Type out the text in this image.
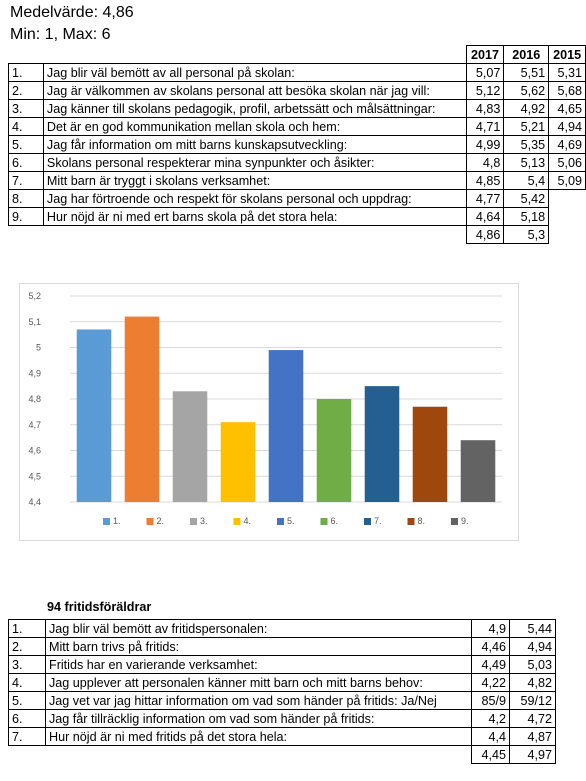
Medelvärde: 4,86
Min: 1, Max: 6
		2017	2016	2015
1.	Jag blir väl bemött av all personal på skolan:	5,07	5,51	5,31
2.	Jag är välkommen av skolans personal att besöka skolan när jag vill:	5,12	5,62	5,68
3.	Jag känner till skolans pedagogik, profil, arbetssätt och målsättningar:	4,83	4,92	4,65
4.	Det är en god kommunikation mellan skola och hem:	4,71	5,21	4,94
5.	Jag får information om mitt barns kunskapsutveckling:	4,99	5,35	4,69
6.	Skolans personal respekterar mina synpunkter och åsikter:	4,8	5,13	5,06
7.	Mitt barn är tryggt i skolans verksamhet:	4,85	5,4	5,09
8.	Jag har förtroende och respekt för skolans personal och uppdrag:	4,77	5,42	
9.	Hur nöjd är ni med ert barns skola på det stora hela:	4,64	5,18	
		4,86	5,3	
4,4
4,5
4,6
4,7
4,8
4,9
5
5,1
5,2
1.	2.	3.	4.	5.	6.	7.	8.	9.
94 fritidsföräldrar
1.	Jag blir väl bemött av fritidspersonalen:	4,9	5,44
2.	Mitt barn trivs på fritids:	4,46	4,94
3.	Fritids har en varierande verksamhet:	4,49	5,03
4.	Jag upplever att personalen känner mitt barn och mitt barns behov:	4,22	4,82
5.	Jag vet var jag hittar information om vad som händer på fritids: Ja/Nej	85/9	59/12
6.	Jag får tillräcklig information om vad som händer på fritids:	4,2	4,72
7.	Hur nöjd är ni med fritids på det stora hela:	4,4	4,87
		4,45	4,97
